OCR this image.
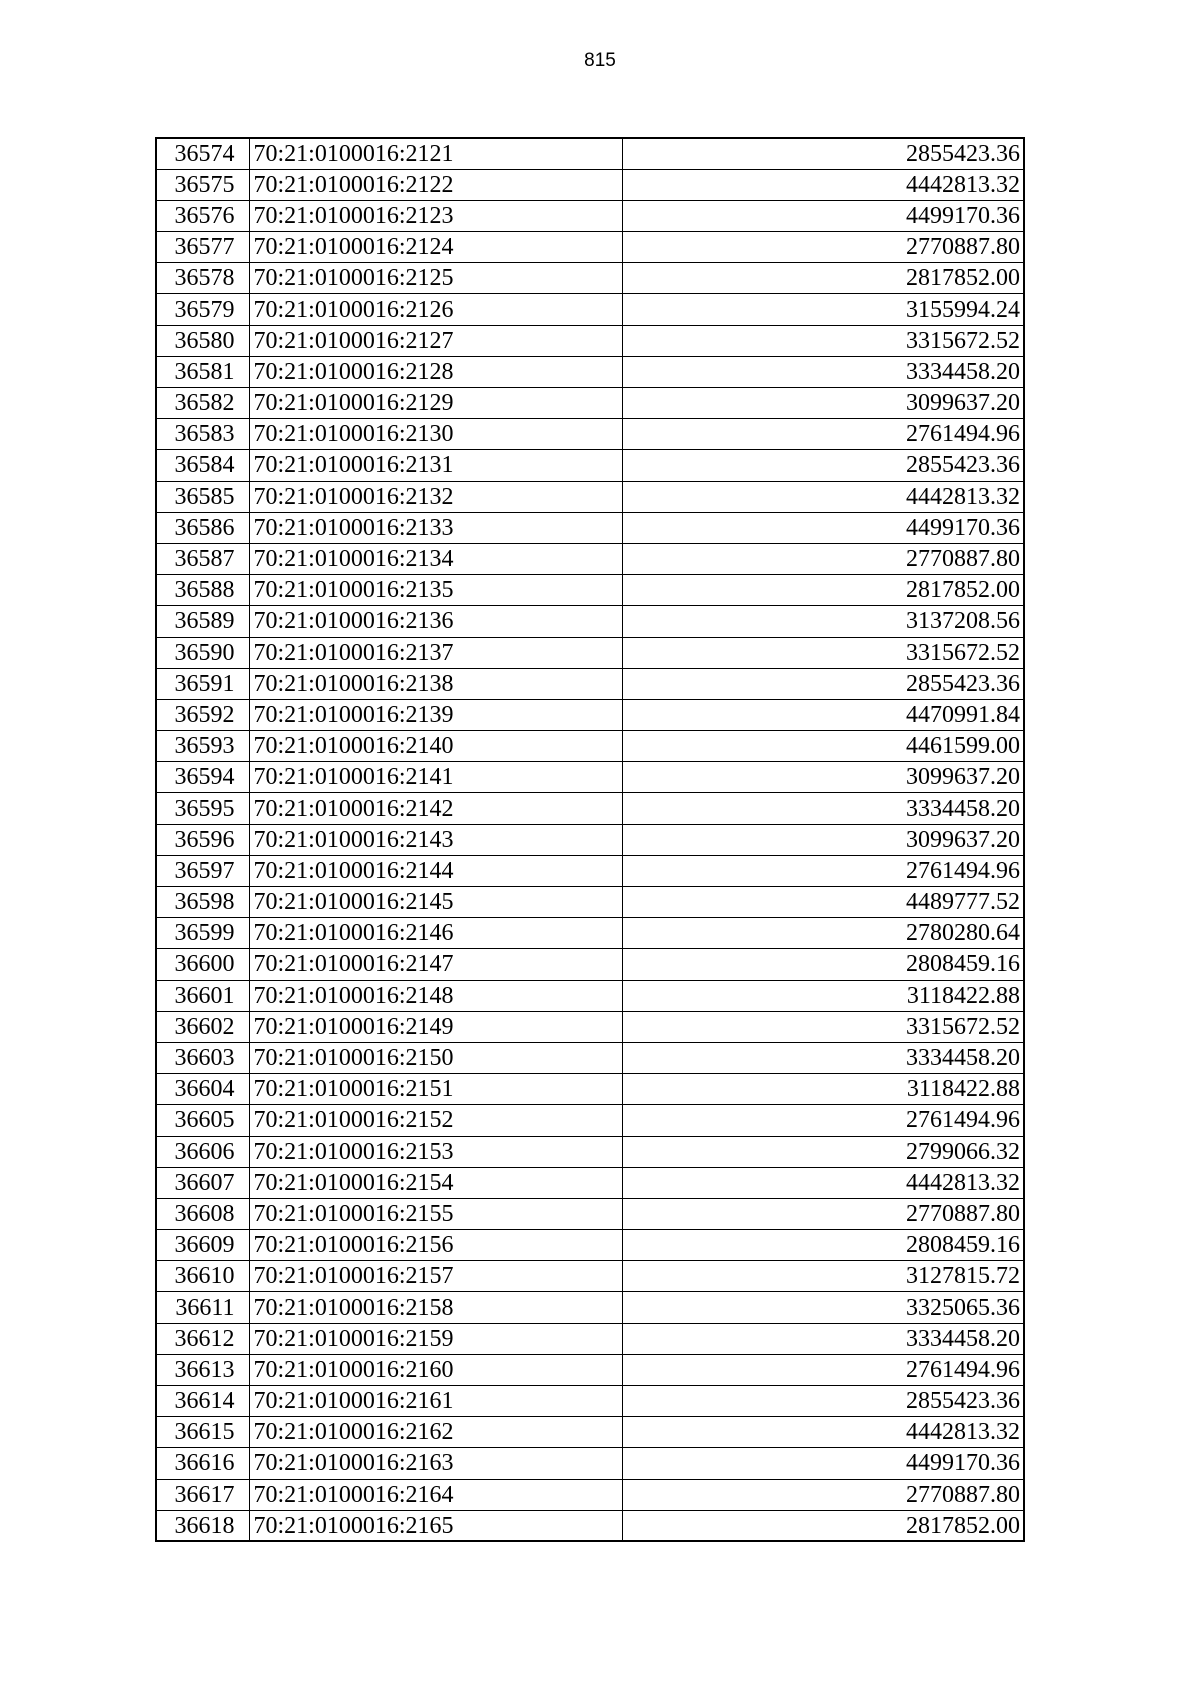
815
36574	70:21:0100016:2121	2855423.36
36575	70:21:0100016:2122	4442813.32
36576	70:21:0100016:2123	4499170.36
36577	70:21:0100016:2124	2770887.80
36578	70:21:0100016:2125	2817852.00
36579	70:21:0100016:2126	3155994.24
36580	70:21:0100016:2127	3315672.52
36581	70:21:0100016:2128	3334458.20
36582	70:21:0100016:2129	3099637.20
36583	70:21:0100016:2130	2761494.96
36584	70:21:0100016:2131	2855423.36
36585	70:21:0100016:2132	4442813.32
36586	70:21:0100016:2133	4499170.36
36587	70:21:0100016:2134	2770887.80
36588	70:21:0100016:2135	2817852.00
36589	70:21:0100016:2136	3137208.56
36590	70:21:0100016:2137	3315672.52
36591	70:21:0100016:2138	2855423.36
36592	70:21:0100016:2139	4470991.84
36593	70:21:0100016:2140	4461599.00
36594	70:21:0100016:2141	3099637.20
36595	70:21:0100016:2142	3334458.20
36596	70:21:0100016:2143	3099637.20
36597	70:21:0100016:2144	2761494.96
36598	70:21:0100016:2145	4489777.52
36599	70:21:0100016:2146	2780280.64
36600	70:21:0100016:2147	2808459.16
36601	70:21:0100016:2148	3118422.88
36602	70:21:0100016:2149	3315672.52
36603	70:21:0100016:2150	3334458.20
36604	70:21:0100016:2151	3118422.88
36605	70:21:0100016:2152	2761494.96
36606	70:21:0100016:2153	2799066.32
36607	70:21:0100016:2154	4442813.32
36608	70:21:0100016:2155	2770887.80
36609	70:21:0100016:2156	2808459.16
36610	70:21:0100016:2157	3127815.72
36611	70:21:0100016:2158	3325065.36
36612	70:21:0100016:2159	3334458.20
36613	70:21:0100016:2160	2761494.96
36614	70:21:0100016:2161	2855423.36
36615	70:21:0100016:2162	4442813.32
36616	70:21:0100016:2163	4499170.36
36617	70:21:0100016:2164	2770887.80
36618	70:21:0100016:2165	2817852.00
